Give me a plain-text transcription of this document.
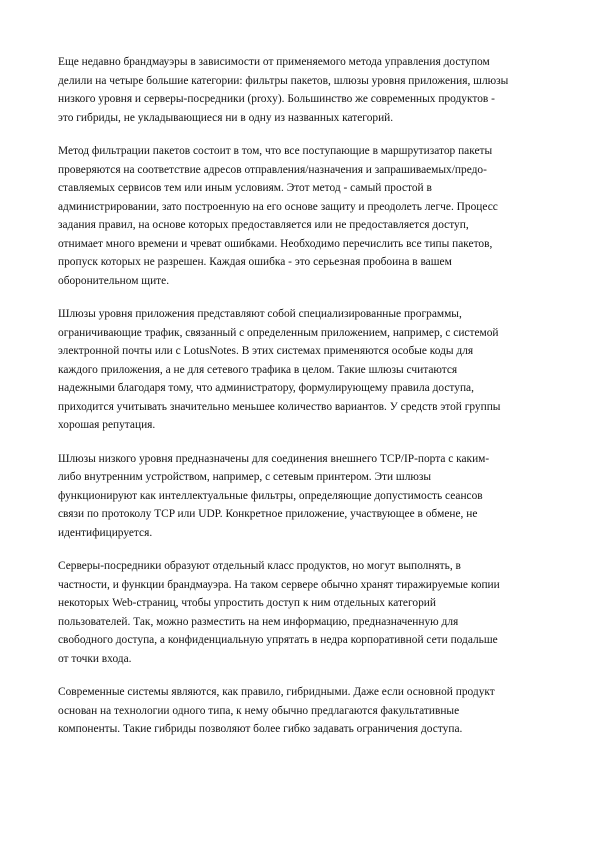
Еще недавно брандмауэры в зависимости от применяемого метода управления доступом
делили на четыре большие категории: фильтры пакетов, шлюзы уровня приложения, шлюзы
низкого уровня и серверы-посредники (proxy). Большинство же современных продуктов -
это гибриды, не укладывающиеся ни в одну из названных категорий.

Метод фильтрации пакетов состоит в том, что все поступающие в маршрутизатор пакеты
проверяются на соответствие адресов отправления/назначения и запрашиваемых/предо-
ставляемых сервисов тем или иным условиям. Этот метод - самый простой в
администрировании, зато построенную на его основе защиту и преодолеть легче. Процесс
задания правил, на основе которых предоставляется или не предоставляется доступ,
отнимает много времени и чреват ошибками. Необходимо перечислить все типы пакетов,
пропуск которых не разрешен. Каждая ошибка - это серьезная пробоина в вашем
оборонительном щите.

Шлюзы уровня приложения представляют собой специализированные программы,
ограничивающие трафик, связанный с определенным приложением, например, с системой
электронной почты или с LotusNotes. В этих системах применяются особые коды для
каждого приложения, а не для сетевого трафика в целом. Такие шлюзы считаются
надежными благодаря тому, что администратору, формулирующему правила доступа,
приходится учитывать значительно меньшее количество вариантов. У средств этой группы
хорошая репутация.

Шлюзы низкого уровня предназначены для соединения внешнего TCP/IP-порта с каким-
либо внутренним устройством, например, с сетевым принтером. Эти шлюзы
функционируют как интеллектуальные фильтры, определяющие допустимость сеансов
связи по протоколу TCP или UDP. Конкретное приложение, участвующее в обмене, не
идентифицируется.

Серверы-посредники образуют отдельный класс продуктов, но могут выполнять, в
частности, и функции брандмауэра. На таком сервере обычно хранят тиражируемые копии
некоторых Web-страниц, чтобы упростить доступ к ним отдельных категорий
пользователей. Так, можно разместить на нем информацию, предназначенную для
свободного доступа, а конфиденциальную упрятать в недра корпоративной сети подальше
от точки входа.

Современные системы являются, как правило, гибридными. Даже если основной продукт
основан на технологии одного типа, к нему обычно предлагаются факультативные
компоненты. Такие гибриды позволяют более гибко задавать ограничения доступа.
